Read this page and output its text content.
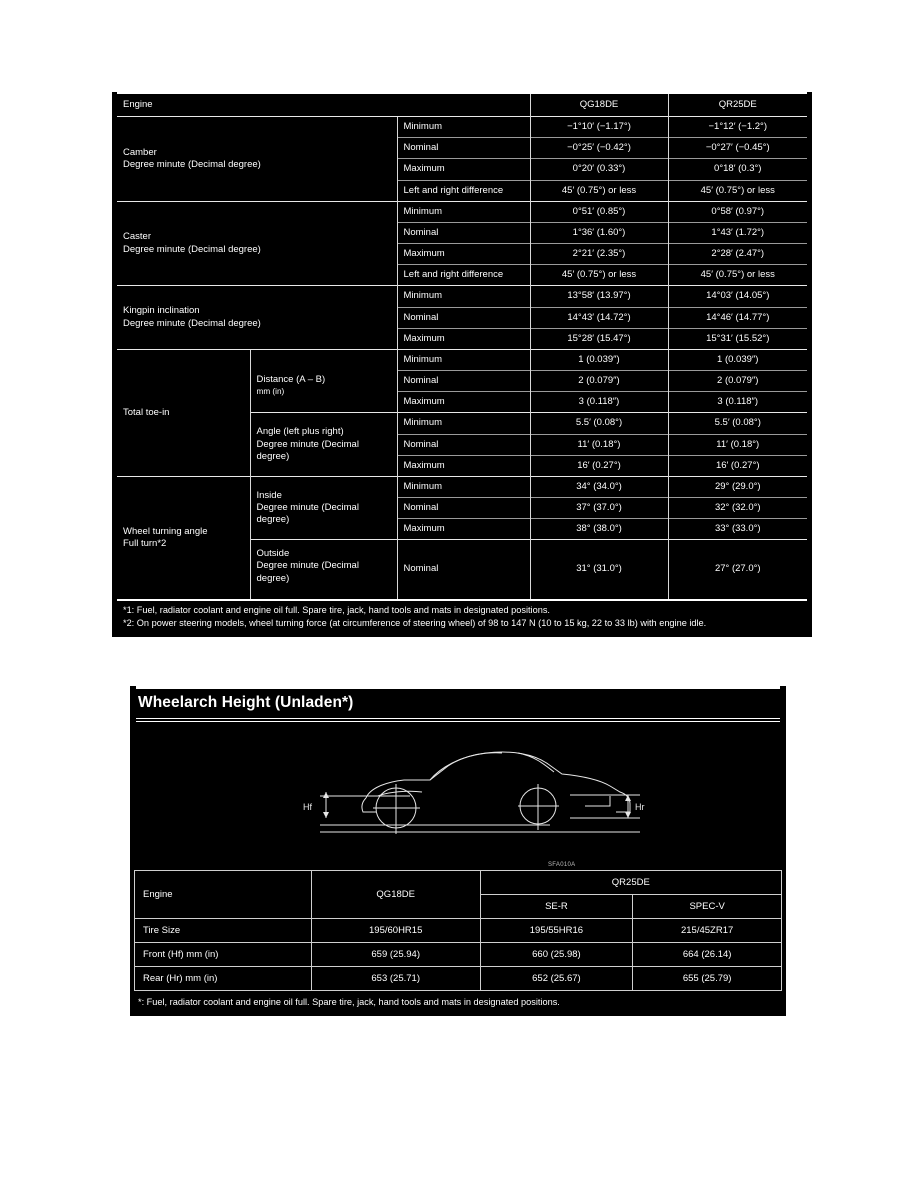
Engine			QG18DE	QR25DE
Camber
Degree minute (Decimal degree)		Minimum	−1°10′ (−1.17°)	−1°12′ (−1.2°)
		Nominal	−0°25′ (−0.42°)	−0°27′ (−0.45°)
		Maximum	0°20′ (0.33°)	0°18′ (0.3°)
		Left and right difference	45′ (0.75°) or less	45′ (0.75°) or less
Caster
Degree minute (Decimal degree)		Minimum	0°51′ (0.85°)	0°58′ (0.97°)
		Nominal	1°36′ (1.60°)	1°43′ (1.72°)
		Maximum	2°21′ (2.35°)	2°28′ (2.47°)
		Left and right difference	45′ (0.75°) or less	45′ (0.75°) or less
Kingpin inclination
Degree minute (Decimal degree)		Minimum	13°58′ (13.97°)	14°03′ (14.05°)
		Nominal	14°43′ (14.72°)	14°46′ (14.77°)
		Maximum	15°28′ (15.47°)	15°31′ (15.52°)
Total toe-in	Distance (A – B)
mm (in)	Minimum	1 (0.039″)	1 (0.039″)
		Nominal	2 (0.079″)	2 (0.079″)
		Maximum	3 (0.118″)	3 (0.118″)
	Angle (left plus right)
Degree minute (Decimal degree)	Minimum	5.5′ (0.08°)	5.5′ (0.08°)
		Nominal	11′ (0.18°)	11′ (0.18°)
		Maximum	16′ (0.27°)	16′ (0.27°)
Wheel turning angle
Full turn*2	Inside
Degree minute (Decimal degree)	Minimum	34° (34.0°)	29° (29.0°)
		Nominal	37° (37.0°)	32° (32.0°)
		Maximum	38° (38.0°)	33° (33.0°)
	Outside
Degree minute (Decimal degree)	Nominal	31° (31.0°)	27° (27.0°)
*1: Fuel, radiator coolant and engine oil full. Spare tire, jack, hand tools and mats in designated positions.
*2: On power steering models, wheel turning force (at circumference of steering wheel) of 98 to 147 N (10 to 15 kg, 22 to 33 lb) with engine idle.
Wheelarch Height (Unladen*)
Hf	Hr
SFA010A
Engine	QG18DE	QR25DE	
		SE-R	SPEC-V
Tire Size	195/60HR15	195/55HR16	215/45ZR17
Front (Hf) mm (in)	659 (25.94)	660 (25.98)	664 (26.14)
Rear (Hr) mm (in)	653 (25.71)	652 (25.67)	655 (25.79)
*: Fuel, radiator coolant and engine oil full. Spare tire, jack, hand tools and mats in designated positions.
